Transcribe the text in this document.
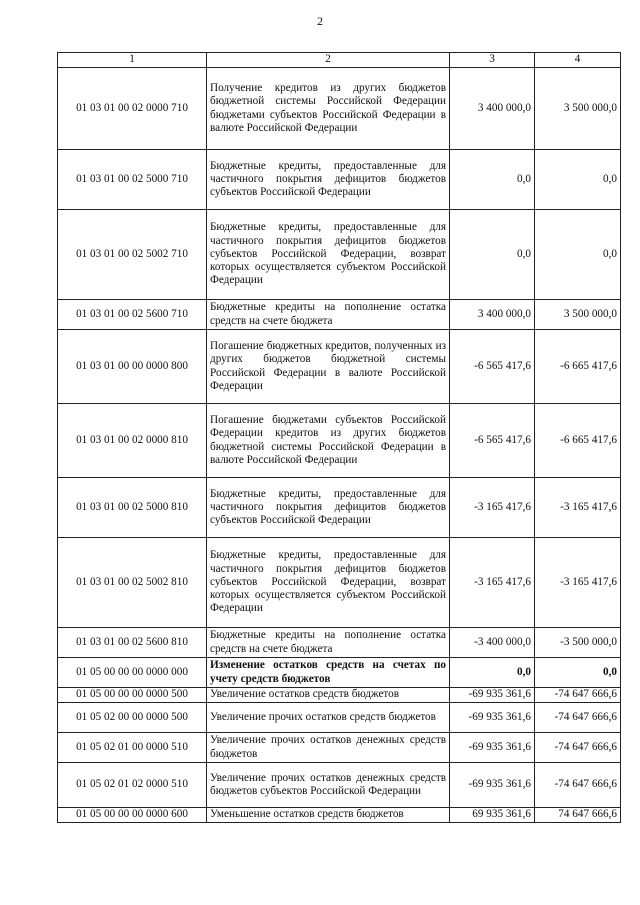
2
1	2	3	4
01 03 01 00 02 0000 710	Получение кредитов из других бюджетов бюджетной системы Российской Федерации бюджетами субъектов Российской Федерации в валюте Российской Федерации	3 400 000,0	3 500 000,0
01 03 01 00 02 5000 710	Бюджетные кредиты, предоставленные для частичного покрытия дефицитов бюджетов субъектов Российской Федерации	0,0	0,0
01 03 01 00 02 5002 710	Бюджетные кредиты, предоставленные для частичного покрытия дефицитов бюджетов субъектов Российской Федерации, возврат которых осуществляется субъектом Российской Федерации	0,0	0,0
01 03 01 00 02 5600 710	Бюджетные кредиты на пополнение остатка средств на счете бюджета	3 400 000,0	3 500 000,0
01 03 01 00 00 0000 800	Погашение бюджетных кредитов, полученных из других бюджетов бюджетной системы Российской Федерации в валюте Российской Федерации	-6 565 417,6	-6 665 417,6
01 03 01 00 02 0000 810	Погашение бюджетами субъектов Российской Федерации кредитов из других бюджетов бюджетной системы Российской Федерации в валюте Российской Федерации	-6 565 417,6	-6 665 417,6
01 03 01 00 02 5000 810	Бюджетные кредиты, предоставленные для частичного покрытия дефицитов бюджетов субъектов Российской Федерации	-3 165 417,6	-3 165 417,6
01 03 01 00 02 5002 810	Бюджетные кредиты, предоставленные для частичного покрытия дефицитов бюджетов субъектов Российской Федерации, возврат которых осуществляется субъектом Российской Федерации	-3 165 417,6	-3 165 417,6
01 03 01 00 02 5600 810	Бюджетные кредиты на пополнение остатка средств на счете бюджета	-3 400 000,0	-3 500 000,0
01 05 00 00 00 0000 000	Изменение остатков средств на счетах по учету средств бюджетов	0,0	0,0
01 05 00 00 00 0000 500	Увеличение остатков средств бюджетов	-69 935 361,6	-74 647 666,6
01 05 02 00 00 0000 500	Увеличение прочих остатков средств бюджетов	-69 935 361,6	-74 647 666,6
01 05 02 01 00 0000 510	Увеличение прочих остатков денежных средств бюджетов	-69 935 361,6	-74 647 666,6
01 05 02 01 02 0000 510	Увеличение прочих остатков денежных средств бюджетов субъектов Российской Федерации	-69 935 361,6	-74 647 666,6
01 05 00 00 00 0000 600	Уменьшение остатков средств бюджетов	69 935 361,6	74 647 666,6
